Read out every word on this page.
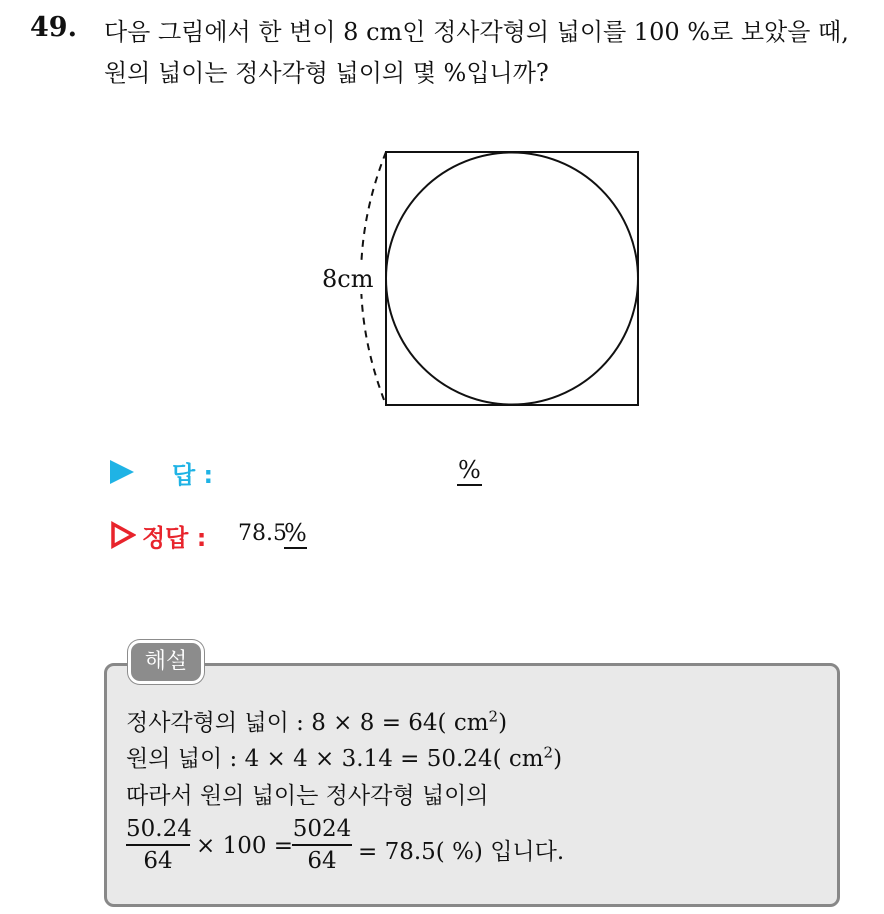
49. 다음 그림에서 한 변이 8 cm인 정사각형의 넓이를 100 %로 보았을 때, 원의 넓이는 정사각형 넓이의 몇 %입니까?
8cm
답 :	%
정답 : 78.5
%
해설
정사각형의 넓이 : 8 × 8 = 64( $cm^2$)
원의 넓이 : 4 × 4 × 3.14 = 50.24( $cm^2$)
따라서 원의 넓이는 정사각형 넓이의
50.24
64
× 100 =
5024
64 = 78.5( %) 입니다.
